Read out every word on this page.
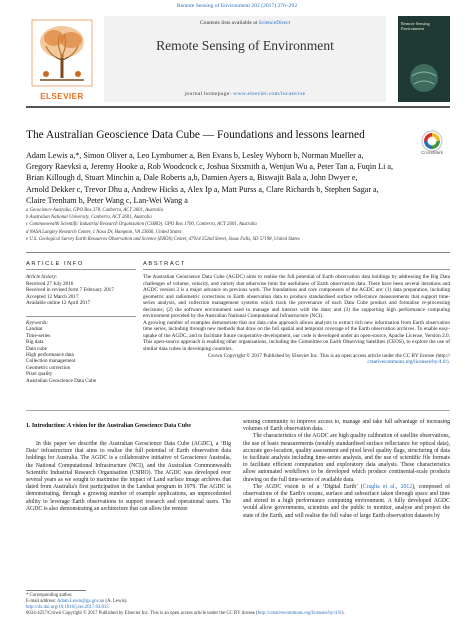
Remote Sensing of Environment 202 (2017) 276–292
ELSEVIER
Contents lists available at ScienceDirect
Remote Sensing of Environment
journal homepage: www.elsevier.com/locate/rse
Remote Sensing Environment
The Australian Geoscience Data Cube — Foundations and lessons learned
CrossMark
Adam Lewis a,*, Simon Oliver a, Leo Lymburner a, Ben Evans b, Lesley Wyborn b, Norman Mueller a,
Gregory Raevksi a, Jeremy Hooke a, Rob Woodcock c, Joshua Sixsmith a, Wenjun Wu a, Peter Tan a, Fuqin Li a,
Brian Killough d, Stuart Minchin a, Dale Roberts a,b, Damien Ayers a, Biswajit Bala a, John Dwyer e,
Arnold Dekker c, Trevor Dhu a, Andrew Hicks a, Alex Ip a, Matt Purss a, Clare Richards b, Stephen Sagar a,
Claire Trenham b, Peter Wang c, Lan-Wei Wang a
a Geoscience Australia, GPO Box 378, Canberra, ACT 2601, Australia
b Australian National University, Canberra, ACT 2601, Australia
c Commonwealth Scientific Industrial Research Organisation (CSIRO), GPO Box 1700, Canberra, ACT 2601, Australia
d NASA Langley Research Center, 1 Nasa Dr, Hampton, VA 23666, United States
e U.S. Geological Survey Earth Resources Observation and Science (EROS) Center, 47914 252nd Street, Sioux Falls, SD 57198, United States
ARTICLE INFO	ABSTRACT
Article history:
Received 27 July 2016
Received in revised form 7 February 2017
Accepted 12 March 2017
Available online 12 April 2017
Keywords:
Landsat
Time-series
Big data
Data cube
High performance data
Collection management
Geometric correction
Pixel quality
Australian Geoscience Data Cube

The Australian Geoscience Data Cube (AGDC) aims to realise the full potential of Earth observation data holdings by addressing the Big Data challenges of volume, velocity, and variety that otherwise limit the usefulness of Earth observation data. There have been several iterations and AGDC version 2 is a major advance on previous work. The foundations and core components of the AGDC are: (1) data preparation, including geometric and radiometric corrections to Earth observation data to produce standardised surface reflectance measurements that support time-series analysis, and collection management systems which track the provenance of each Data Cube product and formalise re-processing decisions; (2) the software environment used to manage and interact with the data; and (3) the supporting high performance computing environment provided by the Australian National Computational Infrastructure (NCI).

A growing number of examples demonstrate that our data cube approach allows analysts to extract rich new information from Earth observation time series, including through new methods that draw on the full spatial and temporal coverage of the Earth observation archives. To enable easy-uptake of the AGDC, and to facilitate future cooperative development, our code is developed under an open-source, Apache License, Version 2.0. This open-source approach is enabling other organisations, including the Committee on Earth Observing Satellites (CEOS), to explore the use of similar data cubes in developing countries.

Crown Copyright © 2017 Published by Elsevier Inc. This is an open access article under the CC BY license (http://

creativecommons.org/licenses/by/4.0/).

1. Introduction: A vision for the Australian Geoscience Data Cube

In this paper we describe the Australian Geoscience Data Cube (AGDC), a ‘Big Data’ infrastructure that aims to realise the full potential of Earth observation data holdings for Australia. The AGDC is a collaborative initiative of Geoscience Australia, the National Computational Infrastructure (NCI), and the Australian Commonwealth Scientific Industrial Research Organisation (CSIRO). The AGDC was developed over several years as we sought to maximise the impact of Land surface image archives that dated from Australia's first participation in the Landsat program in 1979. The AGDC is demonstrating, through a growing number of example applications, an unprecedented ability to leverage Earth observations to support research and operational users. The AGDC is also demonstrating an architecture that can allow the remote

sensing community to improve access to, manage and take full advantage of increasing volumes of Earth observation data.

The characteristics of the AGDC are high quality calibration of satellite observations, the use of basic measurements (notably standardised surface reflectance for optical data), accurate geo-location, quality assessment and pixel level quality flags, structuring of data to facilitate analysis including time-series analysis, and the use of scientific file formats to facilitate efficient computation and exploratory data analysis. These characteristics allow automated workflows to be developed which produce continental-scale products drawing on the full time-series of available data.

The AGDC vision is of a ‘Digital Earth’ (Craglia et al., 2012), composed of observations of the Earth's oceans, surface and subsurface taken through space and time and stored in a high performance computing environment. A fully developed AGDC would allow governments, scientists and the public to monitor, analyse and project the state of the Earth, and will realise the full value of large Earth observation datasets by

* Corresponding author.
E-mail address: Adam.Lewis@ga.gov.au (A. Lewis).
http://dx.doi.org/10.1016/j.rse.2017.03.015
0034-4257/Crown Copyright © 2017 Published by Elsevier Inc. This is an open access article under the CC BY license (http://creativecommons.org/licenses/by/4.0/).
